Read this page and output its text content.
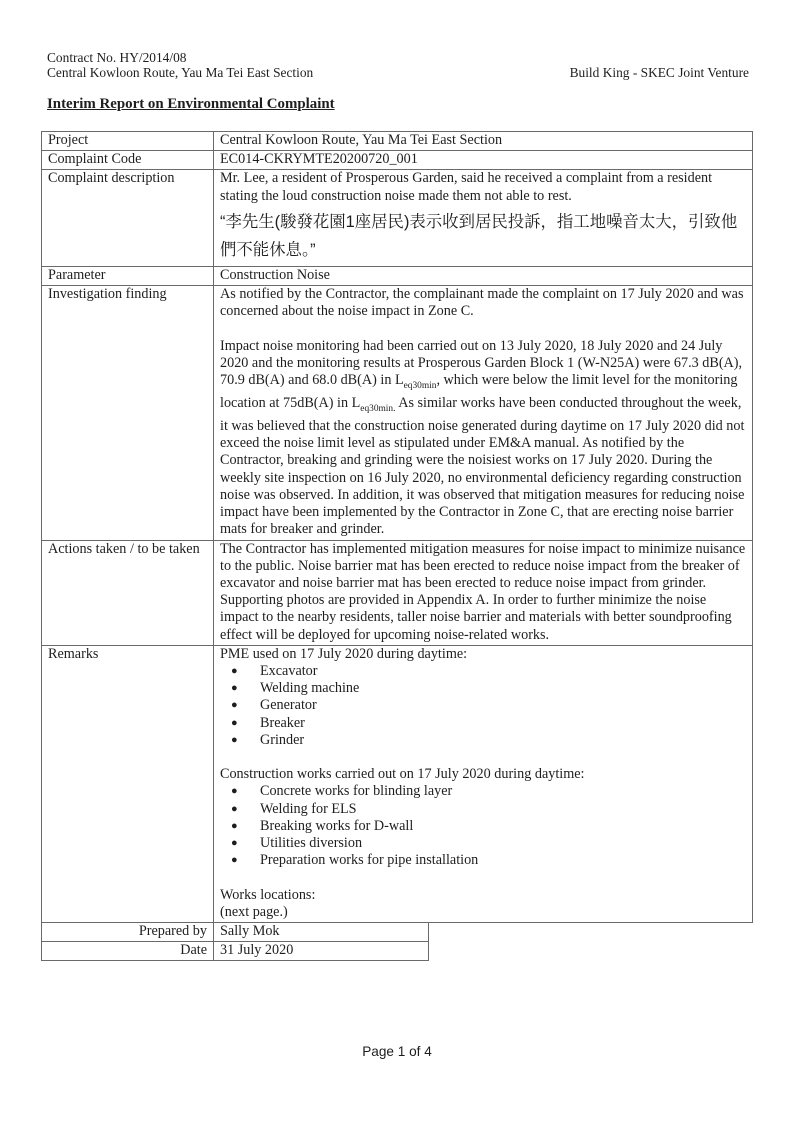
Contract No. HY/2014/08
Central Kowloon Route, Yau Ma Tei East Section	Build King - SKEC Joint Venture
Interim Report on Environmental Complaint
Project	Central Kowloon Route, Yau Ma Tei East Section
Complaint Code	EC014-CKRYMTE20200720_001
Complaint description	Mr. Lee, a resident of Prosperous Garden, said he received a complaint from a resident stating the loud construction noise made them not able to rest.

“李先生(駿發花園1座居民)表示收到居民投訴，指工地噪音太大，引致他們不能休息。”

Parameter	Construction Noise
Investigation finding	As notified by the Contractor, the complainant made the complaint on 17 July 2020 and was concerned about the noise impact in Zone C.

Impact noise monitoring had been carried out on 13 July 2020, 18 July 2020 and 24 July 2020 and the monitoring results at Prosperous Garden Block 1 (W-N25A) were 67.3 dB(A), 70.9 dB(A) and 68.0 dB(A) in $L_{eq30min}$, which were below the limit level for the monitoring location at 75dB(A) in $L_{eq30min.}$ As similar works have been conducted throughout the week, it was believed that the construction noise generated during daytime on 17 July 2020 did not exceed the noise limit level as stipulated under EM&A manual. As notified by the Contractor, breaking and grinding were the noisiest works on 17 July 2020. During the weekly site inspection on 16 July 2020, no environmental deficiency regarding construction noise was observed. In addition, it was observed that mitigation measures for reducing noise impact have been implemented by the Contractor in Zone C, that are erecting noise barrier mats for breaker and grinder.

Actions taken / to be taken	The Contractor has implemented mitigation measures for noise impact to minimize nuisance to the public. Noise barrier mat has been erected to reduce noise impact from the breaker of excavator and noise barrier mat has been erected to reduce noise impact from grinder. Supporting photos are provided in Appendix A. In order to further minimize the noise impact to the nearby residents, taller noise barrier and materials with better soundproofing effect will be deployed for upcoming noise-related works.
Remarks	PME used on 17 July 2020 during daytime:

● Excavator
● Welding machine
● Generator
● Breaker
● Grinder

Construction works carried out on 17 July 2020 during daytime:

● Concrete works for blinding layer
● Welding for ELS
● Breaking works for D-wall
● Utilities diversion
● Preparation works for pipe installation

Works locations:

(next page.)

Prepared by	Sally Mok
Date	31 July 2020
Page 1 of 4
